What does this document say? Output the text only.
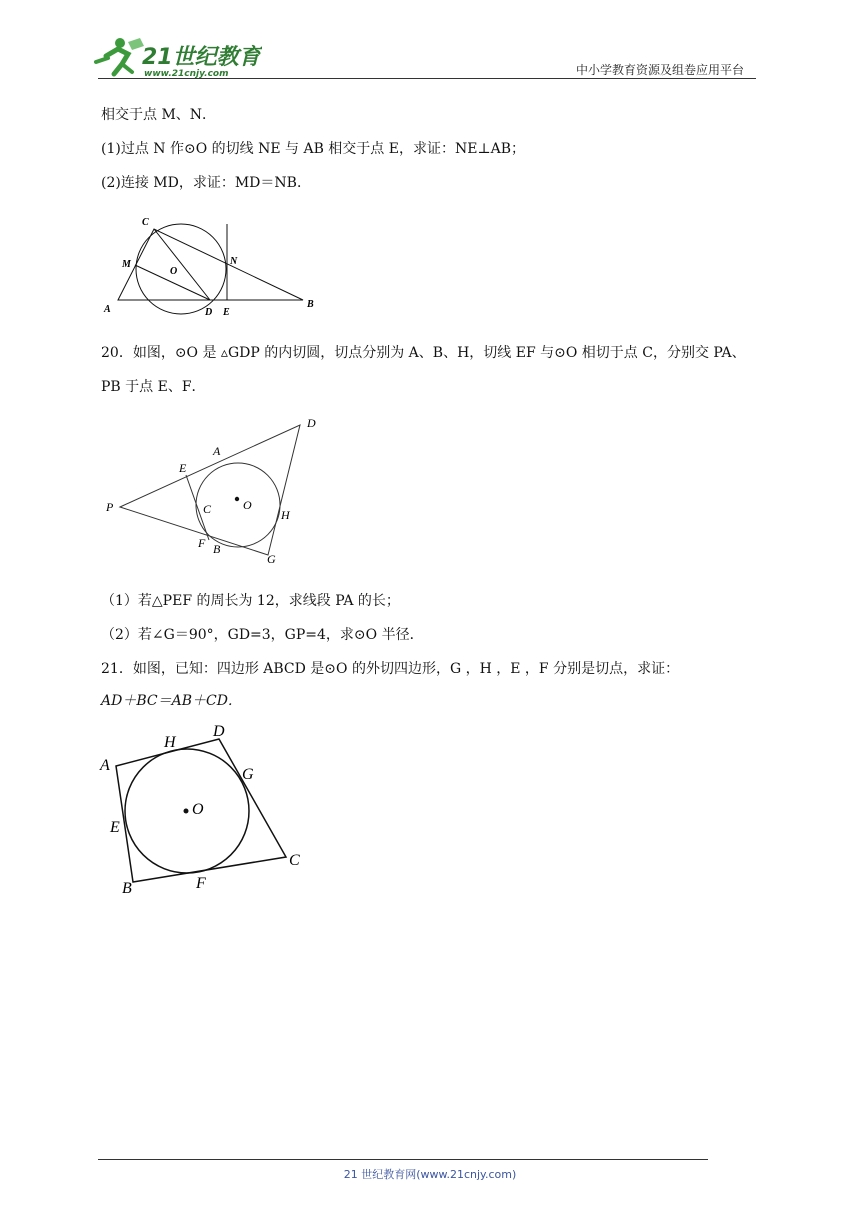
21世纪教育
www.21cnjy.com	中小学教育资源及组卷应用平台
相交于点 M、N．
(1)过点 N 作⊙O 的切线 NE 与 AB 相交于点 E，求证：NE⊥AB；
(2)连接 MD，求证：MD＝NB．
C
M
O
N
A	D E
B
20．如图，⊙O 是 ▵GDP 的内切圆，切点分别为 A、B、H，切线 EF 与⊙O 相切于点 C，分别交 PA、
PB 于点 E、F．
D
A
E
P	C	O
H
F B
G
（1）若△PEF 的周长为 12，求线段 PA 的长；
（2）若∠G＝90°，GD=3，GP=4，求⊙O 半径．
21．如图，已知：四边形 ABCD 是⊙O 的外切四边形，G ，H ，E ，F 分别是切点，求证：
AD＋BC＝AB＋CD．
H
D
A
G
O
E
C
B	F
21 世纪教育网(www.21cnjy.com)
